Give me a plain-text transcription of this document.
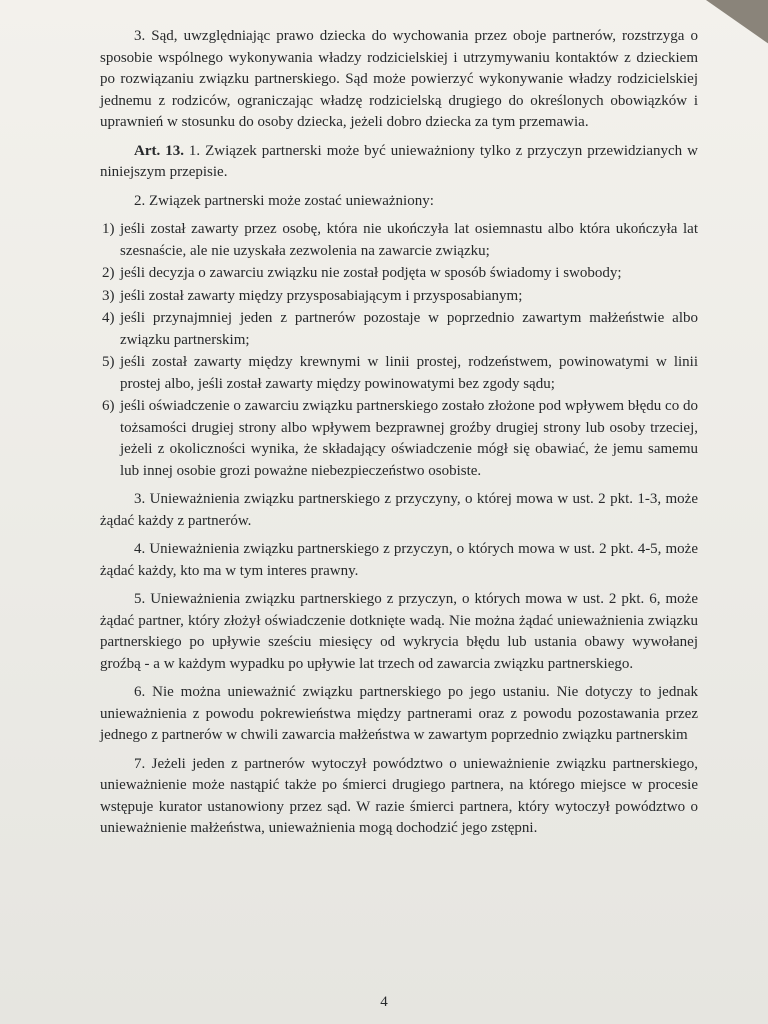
3. Sąd, uwzględniając prawo dziecka do wychowania przez oboje partnerów, rozstrzyga o sposobie wspólnego wykonywania władzy rodzicielskiej i utrzymywaniu kontaktów z dzieckiem po rozwiązaniu związku partnerskiego. Sąd może powierzyć wykonywanie władzy rodzicielskiej jednemu z rodziców, ograniczając władzę rodzicielską drugiego do określonych obowiązków i uprawnień w stosunku do osoby dziecka, jeżeli dobro dziecka za tym przemawia.

Art. 13. 1. Związek partnerski może być unieważniony tylko z przyczyn przewidzianych w niniejszym przepisie.

2. Związek partnerski może zostać unieważniony:

1) jeśli został zawarty przez osobę, która nie ukończyła lat osiemnastu albo która ukończyła lat szesnaście, ale nie uzyskała zezwolenia na zawarcie związku;
2) jeśli decyzja o zawarciu związku nie został podjęta w sposób świadomy i swobody;
3) jeśli został zawarty między przysposabiającym i przysposabianym;
4) jeśli przynajmniej jeden z partnerów pozostaje w poprzednio zawartym małżeństwie albo związku partnerskim;
5) jeśli został zawarty między krewnymi w linii prostej, rodzeństwem, powinowatymi w linii prostej albo, jeśli został zawarty między powinowatymi bez zgody sądu;
6) jeśli oświadczenie o zawarciu związku partnerskiego zostało złożone pod wpływem błędu co do tożsamości drugiej strony albo wpływem bezprawnej groźby drugiej strony lub osoby trzeciej, jeżeli z okoliczności wynika, że składający oświadczenie mógł się obawiać, że jemu samemu lub innej osobie grozi poważne niebezpieczeństwo osobiste.

3. Unieważnienia związku partnerskiego z przyczyny, o której mowa w ust. 2 pkt. 1-3, może żądać każdy z partnerów.

4. Unieważnienia związku partnerskiego z przyczyn, o których mowa w ust. 2 pkt. 4-5, może żądać każdy, kto ma w tym interes prawny.

5. Unieważnienia związku partnerskiego z przyczyn, o których mowa w ust. 2 pkt. 6, może żądać partner, który złożył oświadczenie dotknięte wadą. Nie można żądać unieważnienia związku partnerskiego po upływie sześciu miesięcy od wykrycia błędu lub ustania obawy wywołanej groźbą - a w każdym wypadku po upływie lat trzech od zawarcia związku partnerskiego.

6. Nie można unieważnić związku partnerskiego po jego ustaniu. Nie dotyczy to jednak unieważnienia z powodu pokrewieństwa między partnerami oraz z powodu pozostawania przez jednego z partnerów w chwili zawarcia małżeństwa w zawartym poprzednio związku partnerskim

7. Jeżeli jeden z partnerów wytoczył powództwo o unieważnienie związku partnerskiego, unieważnienie może nastąpić także po śmierci drugiego partnera, na którego miejsce w procesie wstępuje kurator ustanowiony przez sąd. W razie śmierci partnera, który wytoczył powództwo o unieważnienie małżeństwa, unieważnienia mogą dochodzić jego zstępni.

4
